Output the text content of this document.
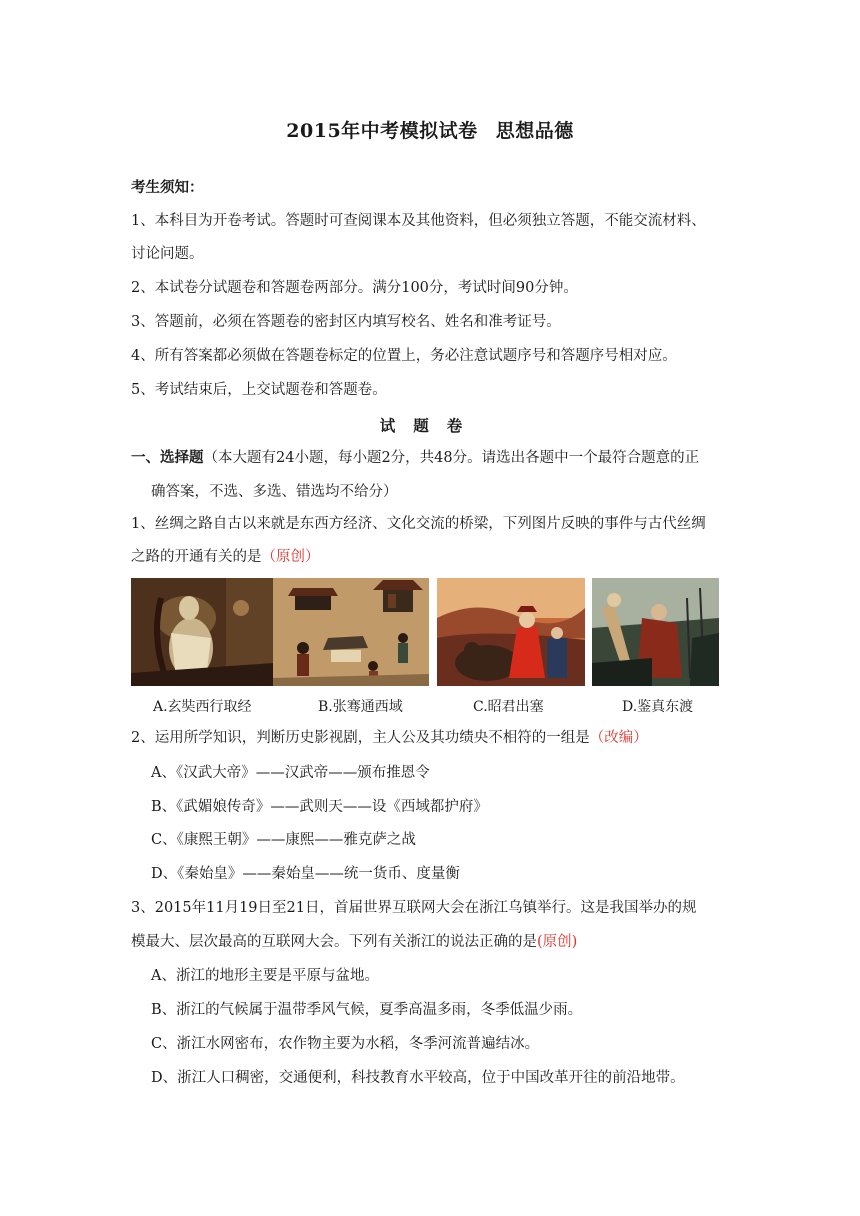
2015年中考模拟试卷 思想品德
考生须知：
1、本科目为开卷考试。答题时可查阅课本及其他资料，但必须独立答题，不能交流材料、
讨论问题。
2、本试卷分试题卷和答题卷两部分。满分100分，考试时间90分钟。
3、答题前，必须在答题卷的密封区内填写校名、姓名和准考证号。
4、所有答案都必须做在答题卷标定的位置上，务必注意试题序号和答题序号相对应。
5、考试结束后，上交试题卷和答题卷。
试题卷
一、选择题（本大题有24小题，每小题2分，共48分。请选出各题中一个最符合题意的正
确答案，不选、多选、错选均不给分）
1、丝绸之路自古以来就是东西方经济、文化交流的桥梁，下列图片反映的事件与古代丝绸
之路的开通有关的是（原创）
A.玄奘西行取经	B.张骞通西域	C.昭君出塞	D.鉴真东渡
2、运用所学知识，判断历史影视剧，主人公及其功绩央不相符的一组是（改编）
A、《汉武大帝》——汉武帝——颁布推恩令
B、《武媚娘传奇》——武则天——设《西域都护府》
C、《康熙王朝》——康熙——雅克萨之战
D、《秦始皇》——秦始皇——统一货币、度量衡
3、2015年11月19日至21日，首届世界互联网大会在浙江乌镇举行。这是我国举办的规
模最大、层次最高的互联网大会。下列有关浙江的说法正确的是(原创)
A、浙江的地形主要是平原与盆地。
B、浙江的气候属于温带季风气候，夏季高温多雨，冬季低温少雨。
C、浙江水网密布，农作物主要为水稻，冬季河流普遍结冰。
D、浙江人口稠密，交通便利，科技教育水平较高，位于中国改革开往的前沿地带。
